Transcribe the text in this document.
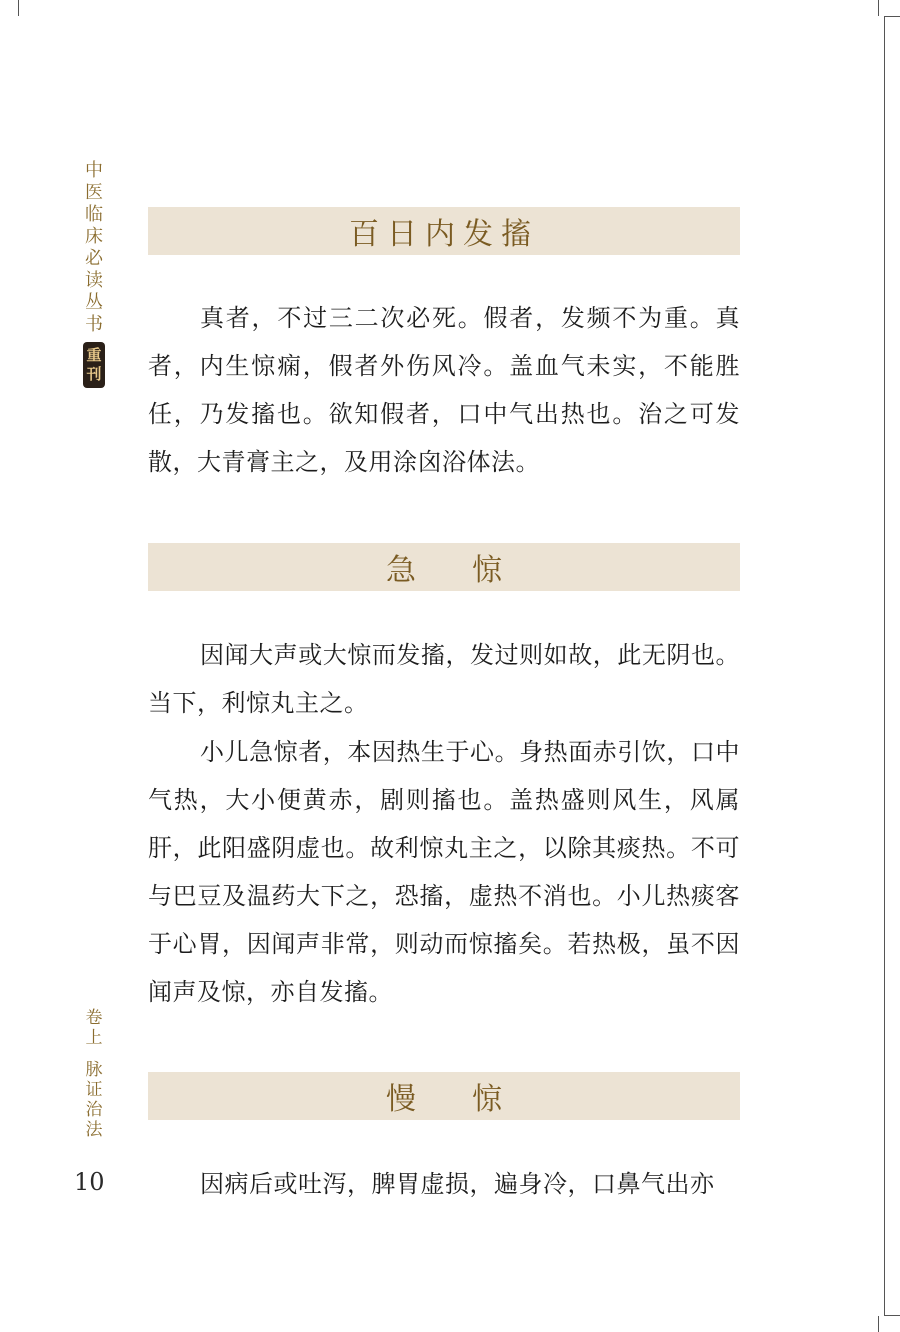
中
医
临
床
必
读
丛
书
重
刊
卷
上
脉
证
治
法
10
百日内发搐
真者，不过三二次必死。假者，发频不为重。真者，内生惊痫，假者外伤风冷。盖血气未实，不能胜任，乃发搐也。欲知假者，口中气出热也。治之可发散，大青膏主之，及用涂囟浴体法。
急惊
因闻大声或大惊而发搐，发过则如故，此无阴也。当下，利惊丸主之。
小儿急惊者，本因热生于心。身热面赤引饮，口中气热，大小便黄赤，剧则搐也。盖热盛则风生，风属肝，此阳盛阴虚也。故利惊丸主之，以除其痰热。不可与巴豆及温药大下之，恐搐，虚热不消也。小儿热痰客于心胃，因闻声非常，则动而惊搐矣。若热极，虽不因闻声及惊，亦自发搐。
慢惊
因病后或吐泻，脾胃虚损，遍身冷，口鼻气出亦
